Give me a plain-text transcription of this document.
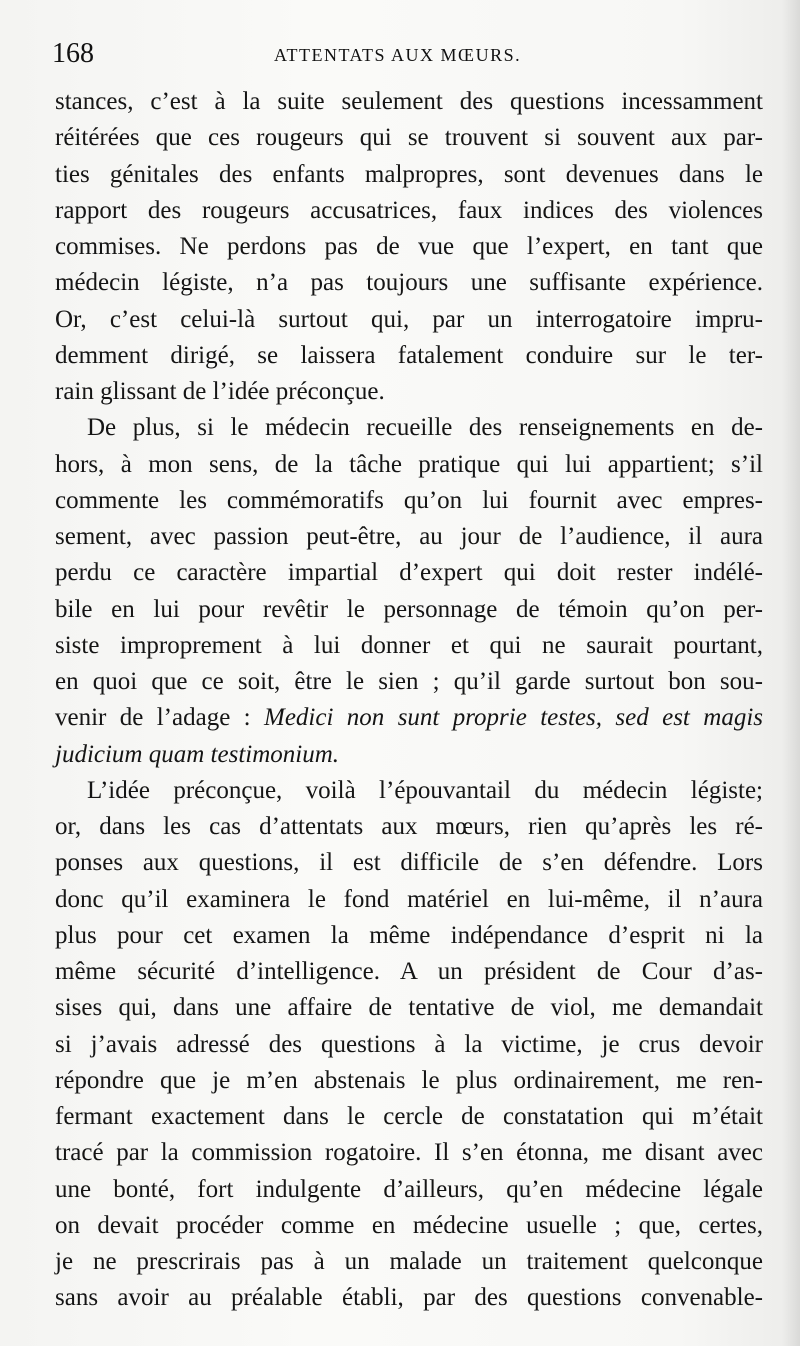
168	ATTENTATS AUX MŒURS.
stances, c’est à la suite seulement des questions incessamment
réitérées que ces rougeurs qui se trouvent si souvent aux par-
ties génitales des enfants malpropres, sont devenues dans le
rapport des rougeurs accusatrices, faux indices des violences
commises. Ne perdons pas de vue que l’expert, en tant que
médecin légiste, n’a pas toujours une suffisante expérience.
Or, c’est celui-là surtout qui, par un interrogatoire impru-
demment dirigé, se laissera fatalement conduire sur le ter-
rain glissant de l’idée préconçue.
De plus, si le médecin recueille des renseignements en de-
hors, à mon sens, de la tâche pratique qui lui appartient; s’il
commente les commémoratifs qu’on lui fournit avec empres-
sement, avec passion peut-être, au jour de l’audience, il aura
perdu ce caractère impartial d’expert qui doit rester indélé-
bile en lui pour revêtir le personnage de témoin qu’on per-
siste improprement à lui donner et qui ne saurait pourtant,
en quoi que ce soit, être le sien ; qu’il garde surtout bon sou-
venir de l’adage : Medici non sunt proprie testes, sed est magis
judicium quam testimonium.
L’idée préconçue, voilà l’épouvantail du médecin légiste;
or, dans les cas d’attentats aux mœurs, rien qu’après les ré-
ponses aux questions, il est difficile de s’en défendre. Lors
donc qu’il examinera le fond matériel en lui-même, il n’aura
plus pour cet examen la même indépendance d’esprit ni la
même sécurité d’intelligence. A un président de Cour d’as-
sises qui, dans une affaire de tentative de viol, me demandait
si j’avais adressé des questions à la victime, je crus devoir
répondre que je m’en abstenais le plus ordinairement, me ren-
fermant exactement dans le cercle de constatation qui m’était
tracé par la commission rogatoire. Il s’en étonna, me disant avec
une bonté, fort indulgente d’ailleurs, qu’en médecine légale
on devait procéder comme en médecine usuelle ; que, certes,
je ne prescrirais pas à un malade un traitement quelconque
sans avoir au préalable établi, par des questions convenable-
